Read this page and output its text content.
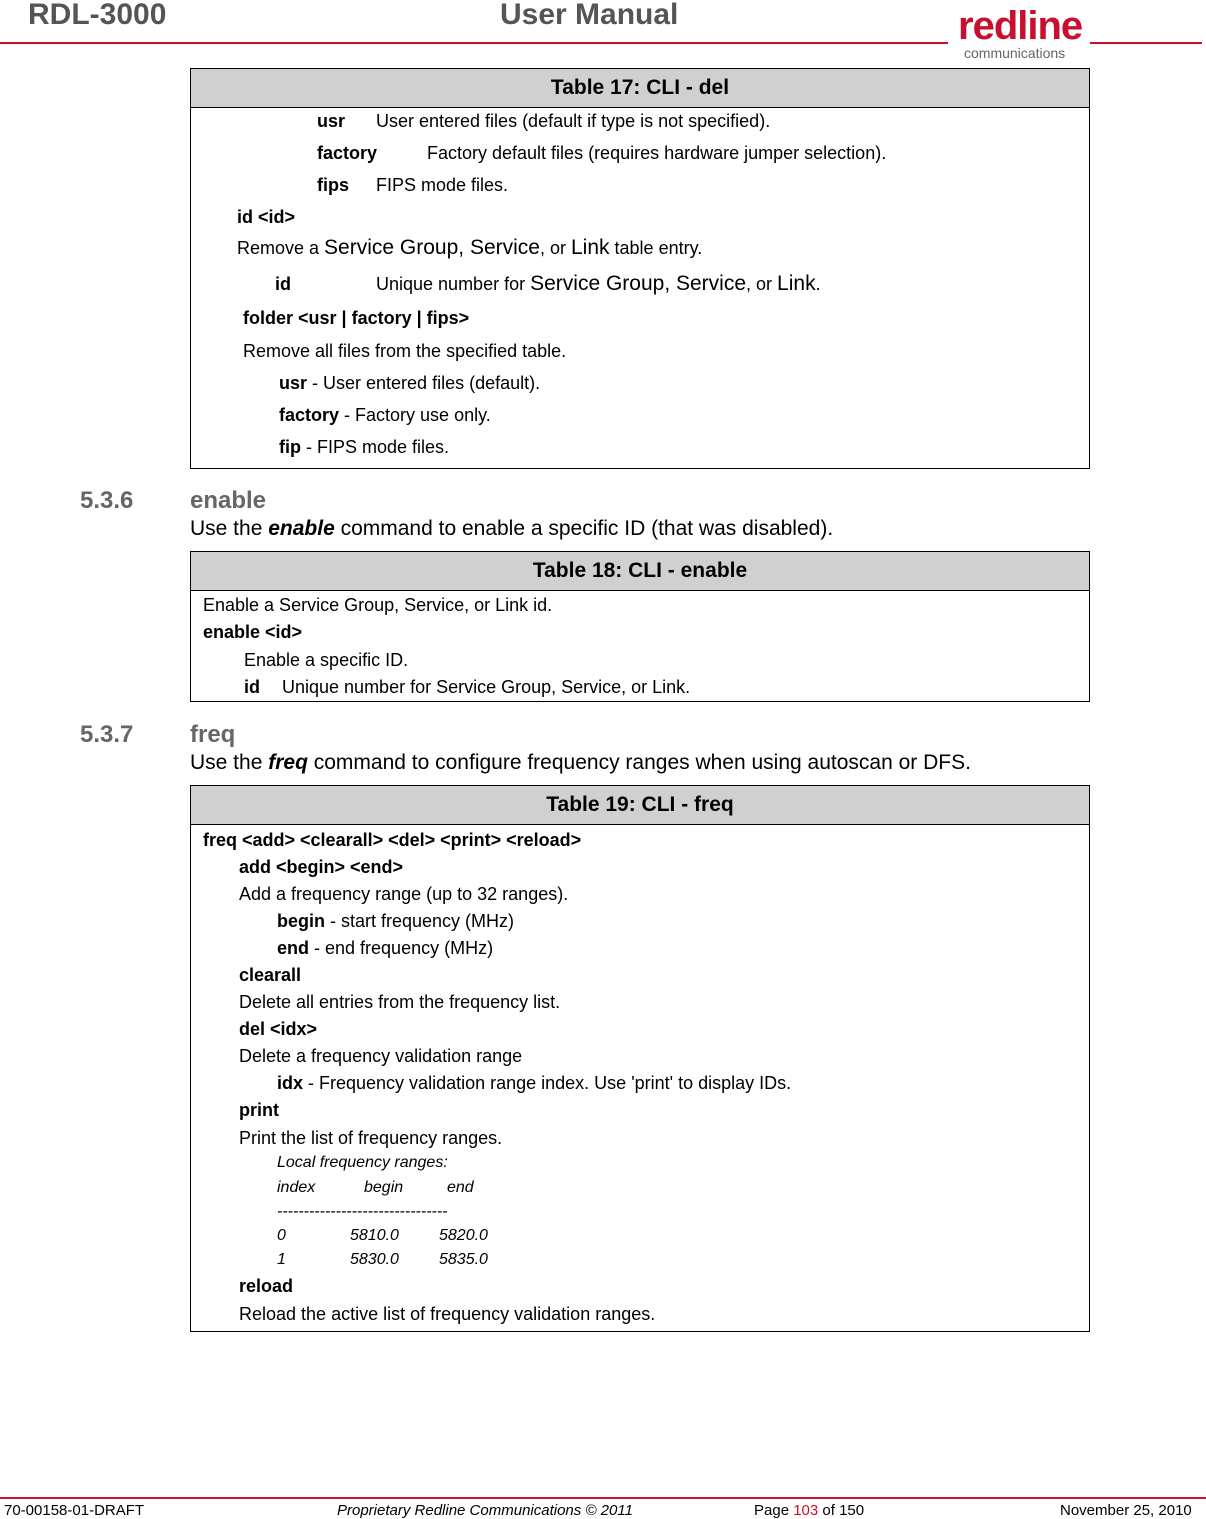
RDL-3000	User Manual	redline
communications
Table 17: CLI - del

usr User entered files (default if type is not specified).
factory	Factory default files (requires hardware jumper selection).
fips FIPS mode files.
id <id>
Remove a Service Group, Service, or Link table entry.
id	Unique number for Service Group, Service, or Link.
folder <usr | factory | fips>
Remove all files from the specified table.
usr - User entered files (default).
factory - Factory use only.
fip - FIPS mode files.
5.3.6 enable
Use the enable command to enable a specific ID (that was disabled).
Table 18: CLI - enable

Enable a Service Group, Service, or Link id.
enable <id>
Enable a specific ID.
id Unique number for Service Group, Service, or Link.
5.3.7 freq
Use the freq command to configure frequency ranges when using autoscan or DFS.
Table 19: CLI - freq

freq <add> <clearall> <del> <print> <reload>
add <begin> <end>
Add a frequency range (up to 32 ranges).
begin - start frequency (MHz)
end - end frequency (MHz)
clearall
Delete all entries from the frequency list.
del <idx>
Delete a frequency validation range
idx - Frequency validation range index. Use 'print' to display IDs.
print
Print the list of frequency ranges.
Local frequency ranges:
index	begin	end
--------------------------------
0	5810.0	5820.0
1	5830.0	5835.0
reload
Reload the active list of frequency validation ranges.
70-00158-01-DRAFT	Proprietary Redline Communications © 2011	Page 103 of 150	November 25, 2010
